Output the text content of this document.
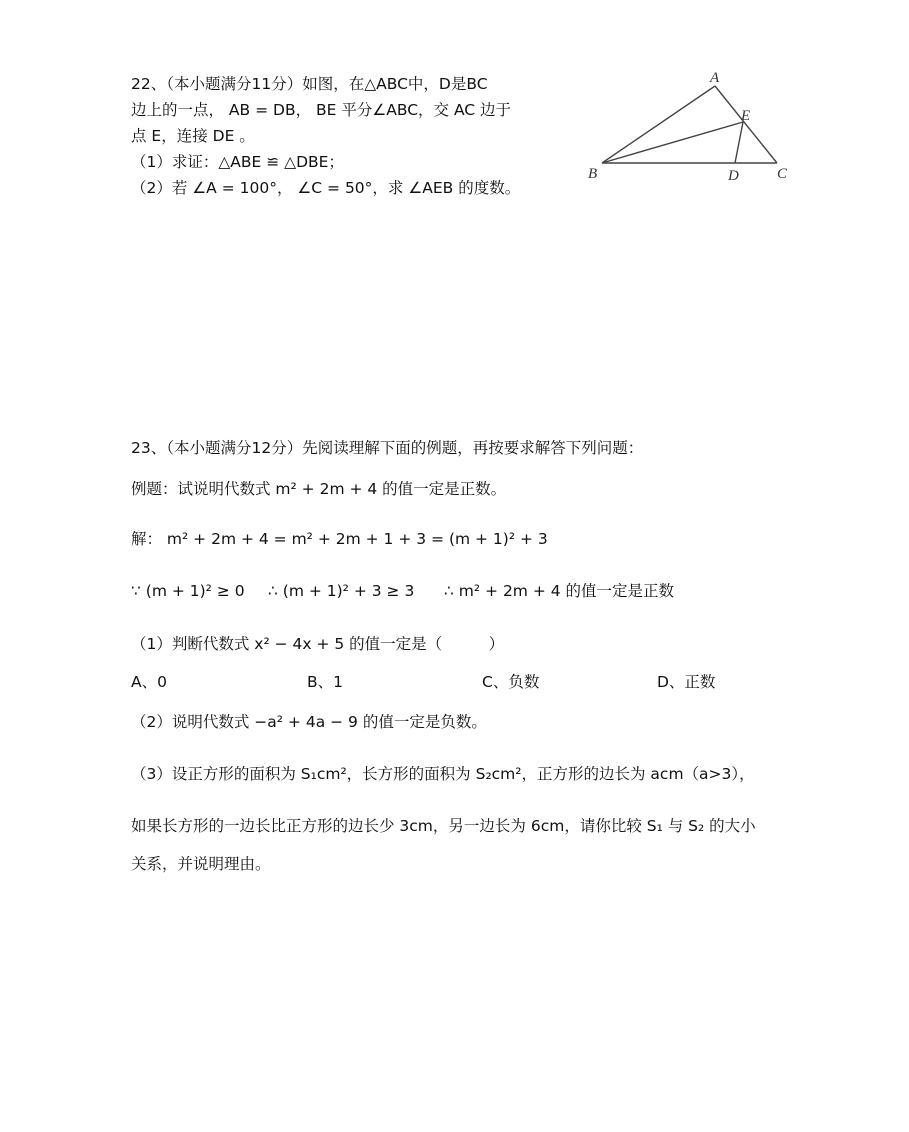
22、（本小题满分11分）如图，在△ABC中，D是BC
边上的一点， AB = DB， BE 平分∠ABC，交 AC 边于
点 E，连接 DE 。
（1）求证：△ABE ≌ △DBE；
（2）若 ∠A = 100°， ∠C = 50°，求 ∠AEB 的度数。
A
B	C
D
E
23、（本小题满分12分）先阅读理解下面的例题，再按要求解答下列问题：
例题：试说明代数式 m² + 2m + 4 的值一定是正数。
解： m² + 2m + 4 = m² + 2m + 1 + 3 = (m + 1)² + 3
∵ (m + 1)² ≥ 0 ∴ (m + 1)² + 3 ≥ 3 ∴ m² + 2m + 4 的值一定是正数
（1）判断代数式 x² − 4x + 5 的值一定是（　　　）
A、0	B、1	C、负数	D、正数
（2）说明代数式 −a² + 4a − 9 的值一定是负数。
（3）设正方形的面积为 S₁cm²，长方形的面积为 S₂cm²，正方形的边长为 acm（a>3），
如果长方形的一边长比正方形的边长少 3cm，另一边长为 6cm，请你比较 S₁ 与 S₂ 的大小
关系，并说明理由。
